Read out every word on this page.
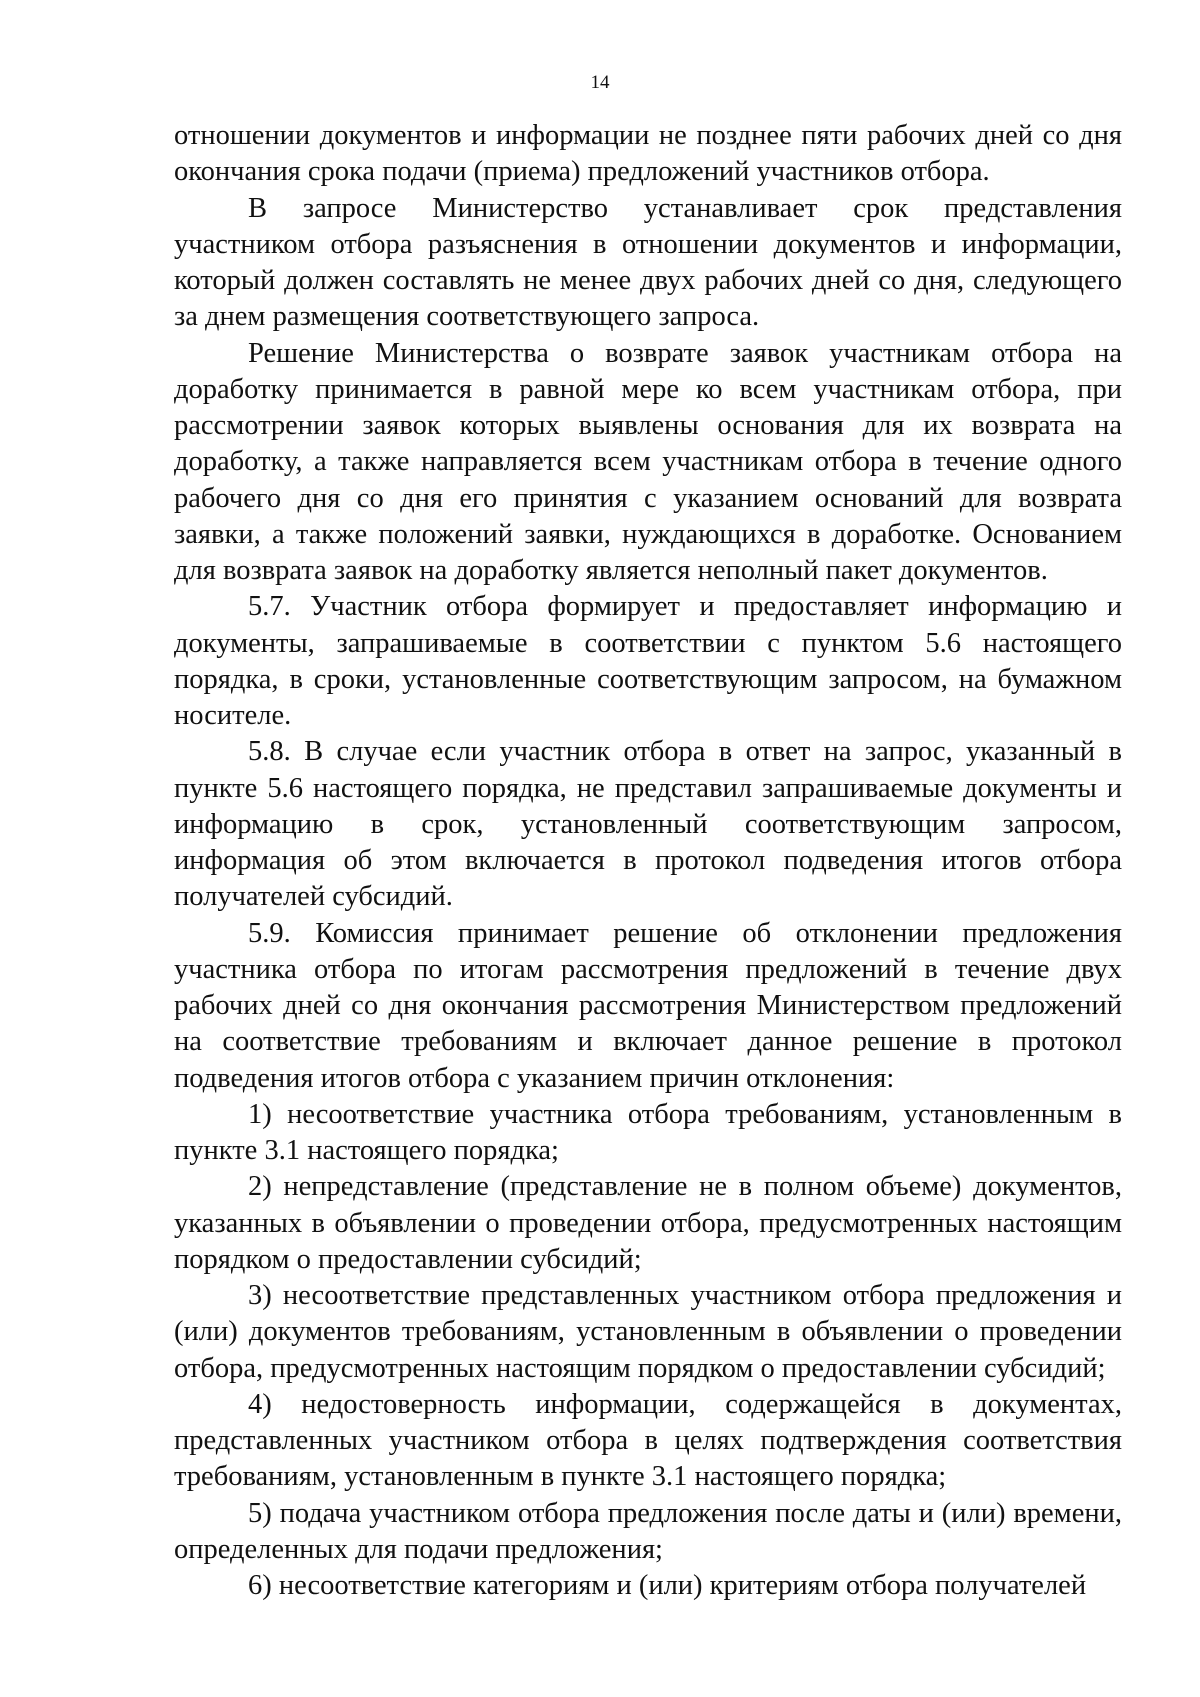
14

отношении документов и информации не позднее пяти рабочих дней со дня окончания срока подачи (приема) предложений участников отбора.

В запросе Министерство устанавливает срок представления участником отбора разъяснения в отношении документов и информации, который должен составлять не менее двух рабочих дней со дня, следующего за днем размещения соответствующего запроса.

Решение Министерства о возврате заявок участникам отбора на доработку принимается в равной мере ко всем участникам отбора, при рассмотрении заявок которых выявлены основания для их возврата на доработку, а также направляется всем участникам отбора в течение одного рабочего дня со дня его принятия с указанием оснований для возврата заявки, а также положений заявки, нуждающихся в доработке. Основанием для возврата заявок на доработку является неполный пакет документов.

5.7. Участник отбора формирует и предоставляет информацию и документы, запрашиваемые в соответствии с пунктом 5.6 настоящего порядка, в сроки, установленные соответствующим запросом, на бумажном носителе.

5.8. В случае если участник отбора в ответ на запрос, указанный в пункте 5.6 настоящего порядка, не представил запрашиваемые документы и информацию в срок, установленный соответствующим запросом, информация об этом включается в протокол подведения итогов отбора получателей субсидий.

5.9. Комиссия принимает решение об отклонении предложения участника отбора по итогам рассмотрения предложений в течение двух рабочих дней со дня окончания рассмотрения Министерством предложений на соответствие требованиям и включает данное решение в протокол подведения итогов отбора с указанием причин отклонения:

1) несоответствие участника отбора требованиям, установленным в пункте 3.1 настоящего порядка;

2) непредставление (представление не в полном объеме) документов, указанных в объявлении о проведении отбора, предусмотренных настоящим порядком о предоставлении субсидий;

3) несоответствие представленных участником отбора предложения и (или) документов требованиям, установленным в объявлении о проведении отбора, предусмотренных настоящим порядком о предоставлении субсидий;

4) недостоверность информации, содержащейся в документах, представленных участником отбора в целях подтверждения соответствия требованиям, установленным в пункте 3.1 настоящего порядка;

5) подача участником отбора предложения после даты и (или) времени, определенных для подачи предложения;

6) несоответствие категориям и (или) критериям отбора получателей
